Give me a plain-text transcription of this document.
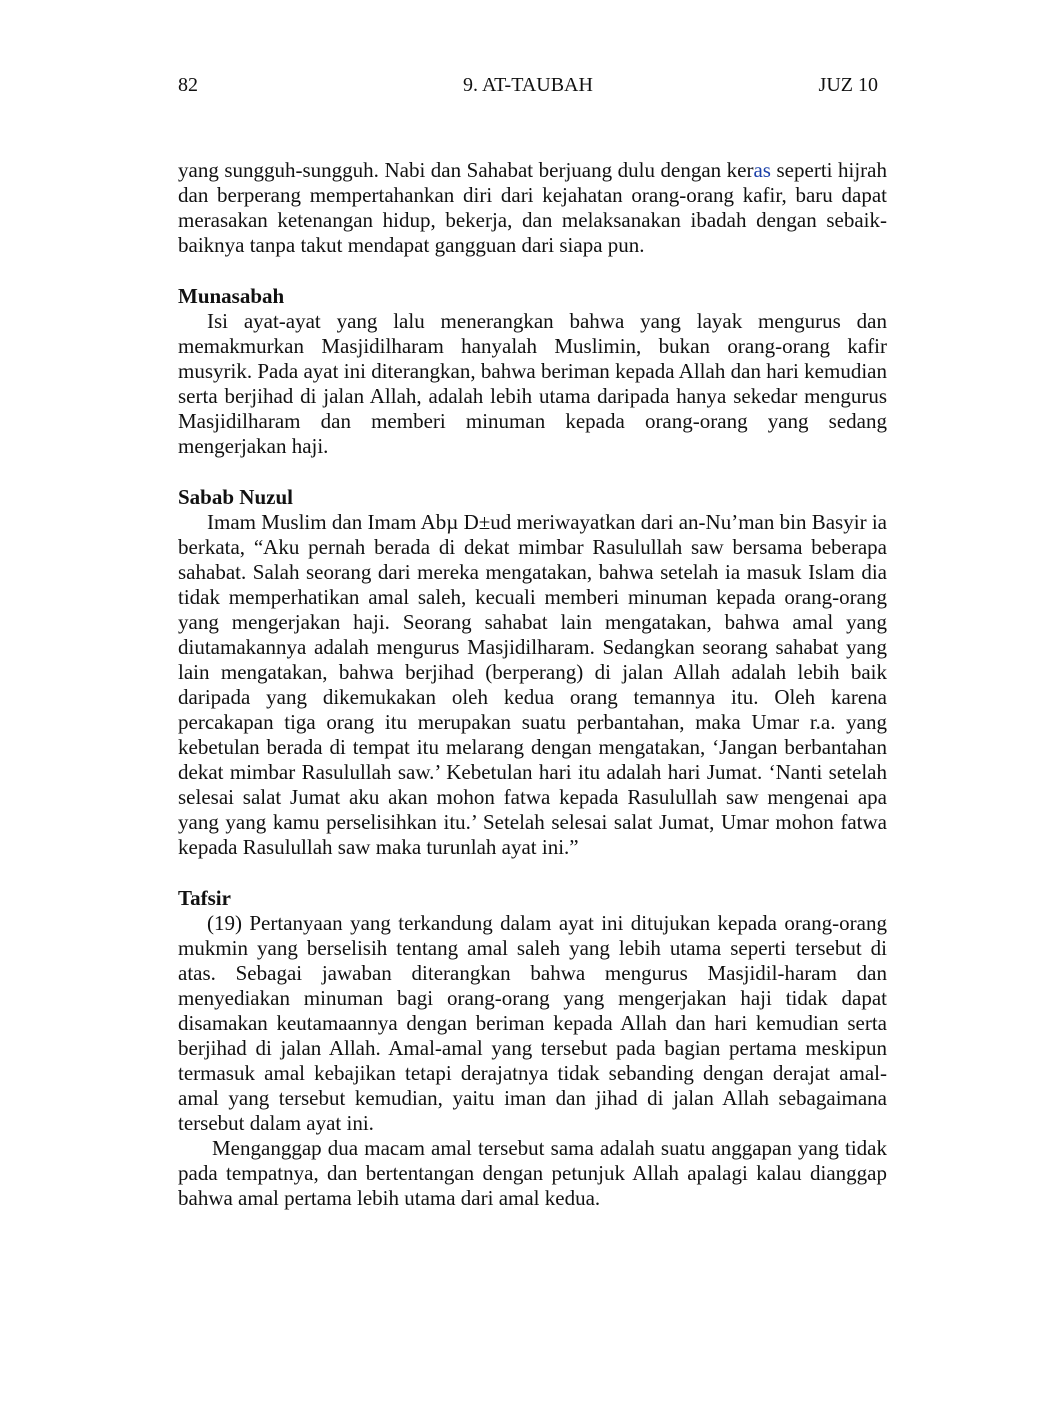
82	9. AT-TAUBAH	JUZ 10

yang sungguh-sungguh. Nabi dan Sahabat berjuang dulu dengan keras seperti hijrah dan berperang mempertahankan diri dari kejahatan orang-orang kafir, baru dapat merasakan ketenangan hidup, bekerja, dan melaksanakan ibadah dengan sebaik-baiknya tanpa takut mendapat gangguan dari siapa pun.

Munasabah

Isi ayat-ayat yang lalu menerangkan bahwa yang layak mengurus dan memakmurkan Masjidilharam hanyalah Muslimin, bukan orang-orang kafir musyrik. Pada ayat ini diterangkan, bahwa beriman kepada Allah dan hari kemudian serta berjihad di jalan Allah, adalah lebih utama daripada hanya sekedar mengurus Masjidilharam dan memberi minuman kepada orang-orang yang sedang mengerjakan haji.

Sabab Nuzul

Imam Muslim dan Imam Abµ D±ud meriwayatkan dari an-Nu’man bin Basyir ia berkata, “Aku pernah berada di dekat mimbar Rasulullah saw bersama beberapa sahabat. Salah seorang dari mereka mengatakan, bahwa setelah ia masuk Islam dia tidak memperhatikan amal saleh, kecuali memberi minuman kepada orang-orang yang mengerjakan haji. Seorang sahabat lain mengatakan, bahwa amal yang diutamakannya adalah mengurus Masjidilharam. Sedangkan seorang sahabat yang lain mengatakan, bahwa berjihad (berperang) di jalan Allah adalah lebih baik daripada yang dikemukakan oleh kedua orang temannya itu. Oleh karena percakapan tiga orang itu merupakan suatu perbantahan, maka Umar r.a. yang kebetulan berada di tempat itu melarang dengan mengatakan, ‘Jangan berbantahan dekat mimbar Rasulullah saw.’ Kebetulan hari itu adalah hari Jumat. ‘Nanti setelah selesai salat Jumat aku akan mohon fatwa kepada Rasulullah saw mengenai apa yang yang kamu perselisihkan itu.’ Setelah selesai salat Jumat, Umar mohon fatwa kepada Rasulullah saw maka turunlah ayat ini.”

Tafsir

(19) Pertanyaan yang terkandung dalam ayat ini ditujukan kepada orang-orang mukmin yang berselisih tentang amal saleh yang lebih utama seperti tersebut di atas. Sebagai jawaban diterangkan bahwa mengurus Masjidil-haram dan menyediakan minuman bagi orang-orang yang mengerjakan haji tidak dapat disamakan keutamaannya dengan beriman kepada Allah dan hari kemudian serta berjihad di jalan Allah. Amal-amal yang tersebut pada bagian pertama meskipun termasuk amal kebajikan tetapi derajatnya tidak sebanding dengan derajat amal-amal yang tersebut kemudian, yaitu iman dan jihad di jalan Allah sebagaimana tersebut dalam ayat ini.

Menganggap dua macam amal tersebut sama adalah suatu anggapan yang tidak pada tempatnya, dan bertentangan dengan petunjuk Allah apalagi kalau dianggap bahwa amal pertama lebih utama dari amal kedua.
